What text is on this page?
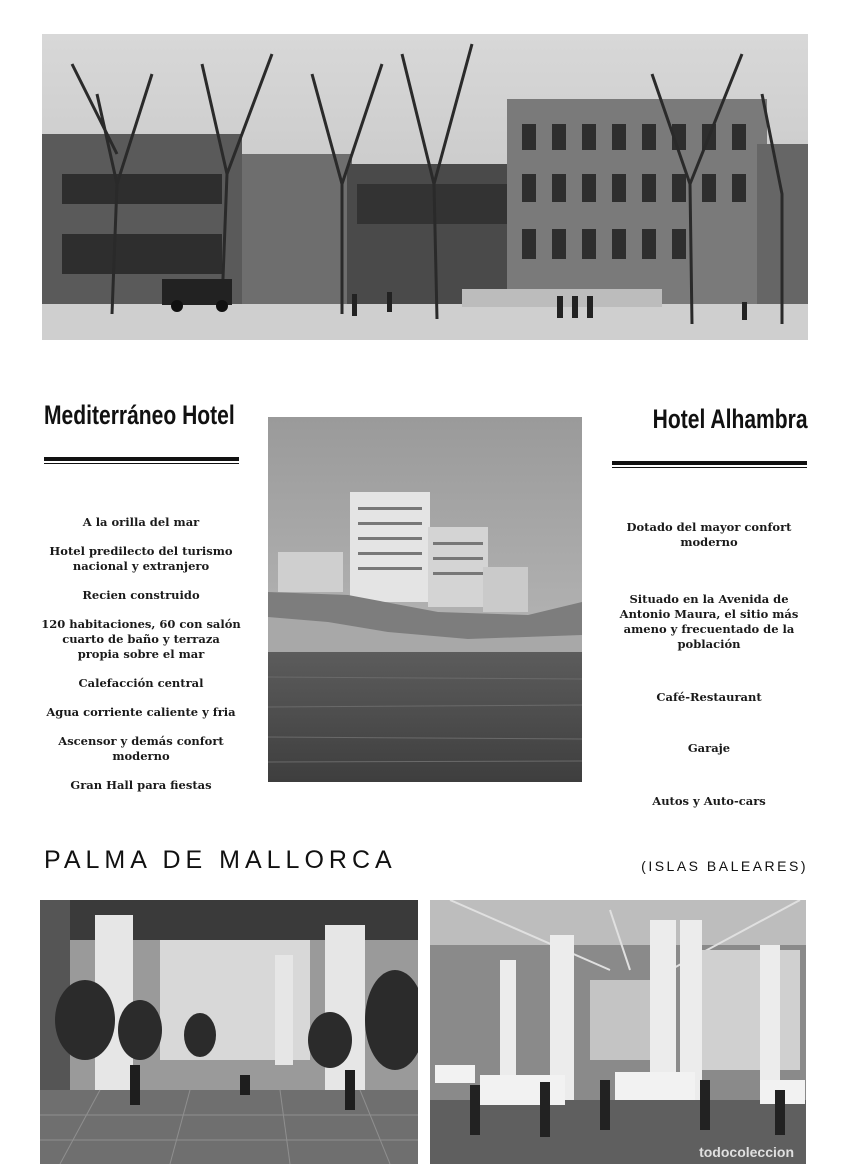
Mediterráneo Hotel
A la orilla del mar
Hotel predilecto del turismo nacional y extranjero
Recien construido
120 habitaciones, 60 con salón cuarto de baño y terraza propia sobre el mar
Calefacción central
Agua corriente caliente y fria
Ascensor y demás confort moderno
Gran Hall para fiestas
Hotel Alhambra
Dotado del mayor confort moderno
Situado en la Avenida de Antonio Maura, el sitio más ameno y frecuentado de la población
Café-Restaurant
Garaje
Autos y Auto-cars
PALMA DE MALLORCA	(ISLAS BALEARES)
todocoleccion
